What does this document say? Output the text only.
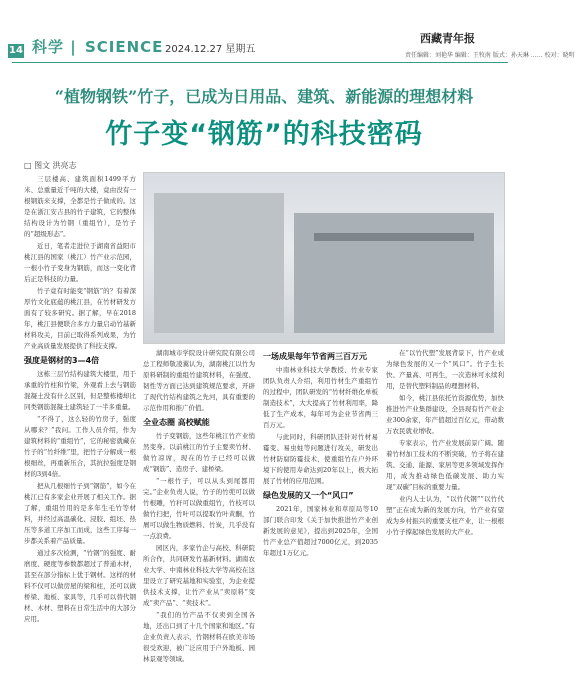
14 科学 | SCIENCE 2024.12.27 星期五
西藏青年报
责任编辑：刘艳华 编辑：王牧南 版式：孙天琳 …… 校对：晓明
“植物钢铁”竹子，已成为日用品、建筑、新能源的理想材料
竹子变“钢筋”的科技密码
□ 图文 洪亮志

三层楼高、建筑面积1499平方米、总重量近千吨的大楼，竟由没有一根钢筋来支撑，全都是竹子做成的。这是在浙江安吉县的竹子建筑，它的整体结构设计为竹钢（重组竹），是竹子的“超级形态”。

近日，笔者走进位于湖南省益阳市桃江县的国家（桃江）竹产业示范园，一根小竹子变身为钢筋，而这一变化背后正是科技的力量。

竹子竟有时能变“钢筋”的？有着深厚竹文化底蕴的桃江县，在竹材研发方面有了较多研究。据了解，早在2018年，桃江县便联合多方力量启动竹基新材料攻关，目前已取得系列成果，为竹产业高质量发展提供了科技支撑。

强度是钢材的3—4倍

这栋三层竹结构建筑大楼里，用于承重的竹柱和竹梁，外观看上去与钢筋混凝土没有什么区别，但是整栋楼却比同类钢筋混凝土建筑轻了一半多重量。

“不得了，这么轻的竹房子，强度从哪来？”我问。工作人员介绍，作为建筑材料的“重组竹”，它的秘密就藏在竹子的“竹纤维”里，把竹子分解成一根根细丝，再重新压合，其抗拉强度是钢材的3到4倍。

把从几根细竹子到“钢筋”，如今在桃江已有多家企业开展了相关工作。据了解，重组竹用的是多年生毛竹等材料，并经过高温碳化、浸胶、组坯、热压等多道工序加工而成，这些工序每一步都关系着产品质量。

通过多次检测，“竹钢”的强度、耐磨度、硬度等参数都超过了普通木材，甚至在部分指标上优于钢材。这样的材料不仅可以做房屋的梁和柱，还可以做桥梁、地板、家具等，几乎可以替代钢材、木材、塑料在日常生活中的大部分应用。

湖南城市学院设计研究院有限公司总工程师敬凌翼认为，湖南桃江以竹为原料研制的重组竹建筑材料，在强度、韧性等方面已达到建筑规范要求，开辟了现代竹结构建筑之先河，具有重要的示范作用和推广价值。

全业态圈 高校赋能

竹子变钢筋，这些年桃江竹产业悄然变身。以前桃江的竹子主要卖竹材、做竹凉席，现在的竹子已经可以做成“钢筋”、造房子、建桥梁。

“一根竹子，可以从头到尾都用完。”企业负责人说，竹子的竹蔸可以做竹根雕，竹秆可以做重组竹，竹枝可以做竹扫把，竹叶可以提取竹叶黄酮，竹屑可以做生物质燃料、竹炭，几乎没有一点浪费。

园区内，多家竹企与高校、科研院所合作，共同研发竹基新材料。湖南农业大学、中南林业科技大学等高校在这里设立了研究基地和实验室，为企业提供技术支撑，让竹产业从“卖原料”变成“卖产品”、“卖技术”。

“我们的竹产品不仅卖到全国各地，还出口到了十几个国家和地区。”有企业负责人表示，竹钢材料在欧美市场很受欢迎，被广泛应用于户外地板、园林景观等领域。

一场成果每年节省两三百万元

中南林业科技大学教授、竹业专家团队负责人介绍，利用竹材生产重组竹的过程中，团队研发的“竹材纤维化单板制造技术”，大大提高了竹材利用率，降低了生产成本，每年可为企业节省两三百万元。

与此同时，科研团队还针对竹材易霉变、易虫蛀等问题进行攻关，研发出竹材防腐防霉技术，使重组竹在户外环境下的使用寿命达到20年以上，极大拓展了竹材的应用范围。

绿色发展的又一个“风口”

2021年，国家林业和草原局等10部门联合印发《关于加快推进竹产业创新发展的意见》，提出到2025年，全国竹产业总产值超过7000亿元，到2035年超过1万亿元。

在“以竹代塑”发展背景下，竹产业成为绿色发展的又一个“风口”。竹子生长快、产量高、可再生，一次造林可永续利用，是替代塑料制品的理想材料。

如今，桃江县依托竹资源优势，加快推进竹产业集群建设，全县现有竹产业企业300余家，年产值超过百亿元，带动数万农民就业增收。

专家表示，竹产业发展前景广阔。随着竹材加工技术的不断突破，竹子将在建筑、交通、能源、家居等更多领域发挥作用，成为推动绿色低碳发展、助力实现“双碳”目标的重要力量。

业内人士认为，“以竹代钢”“以竹代塑”正在成为新的发展方向，竹产业有望成为乡村振兴的重要支柱产业，让一根根小竹子撑起绿色发展的大产业。
